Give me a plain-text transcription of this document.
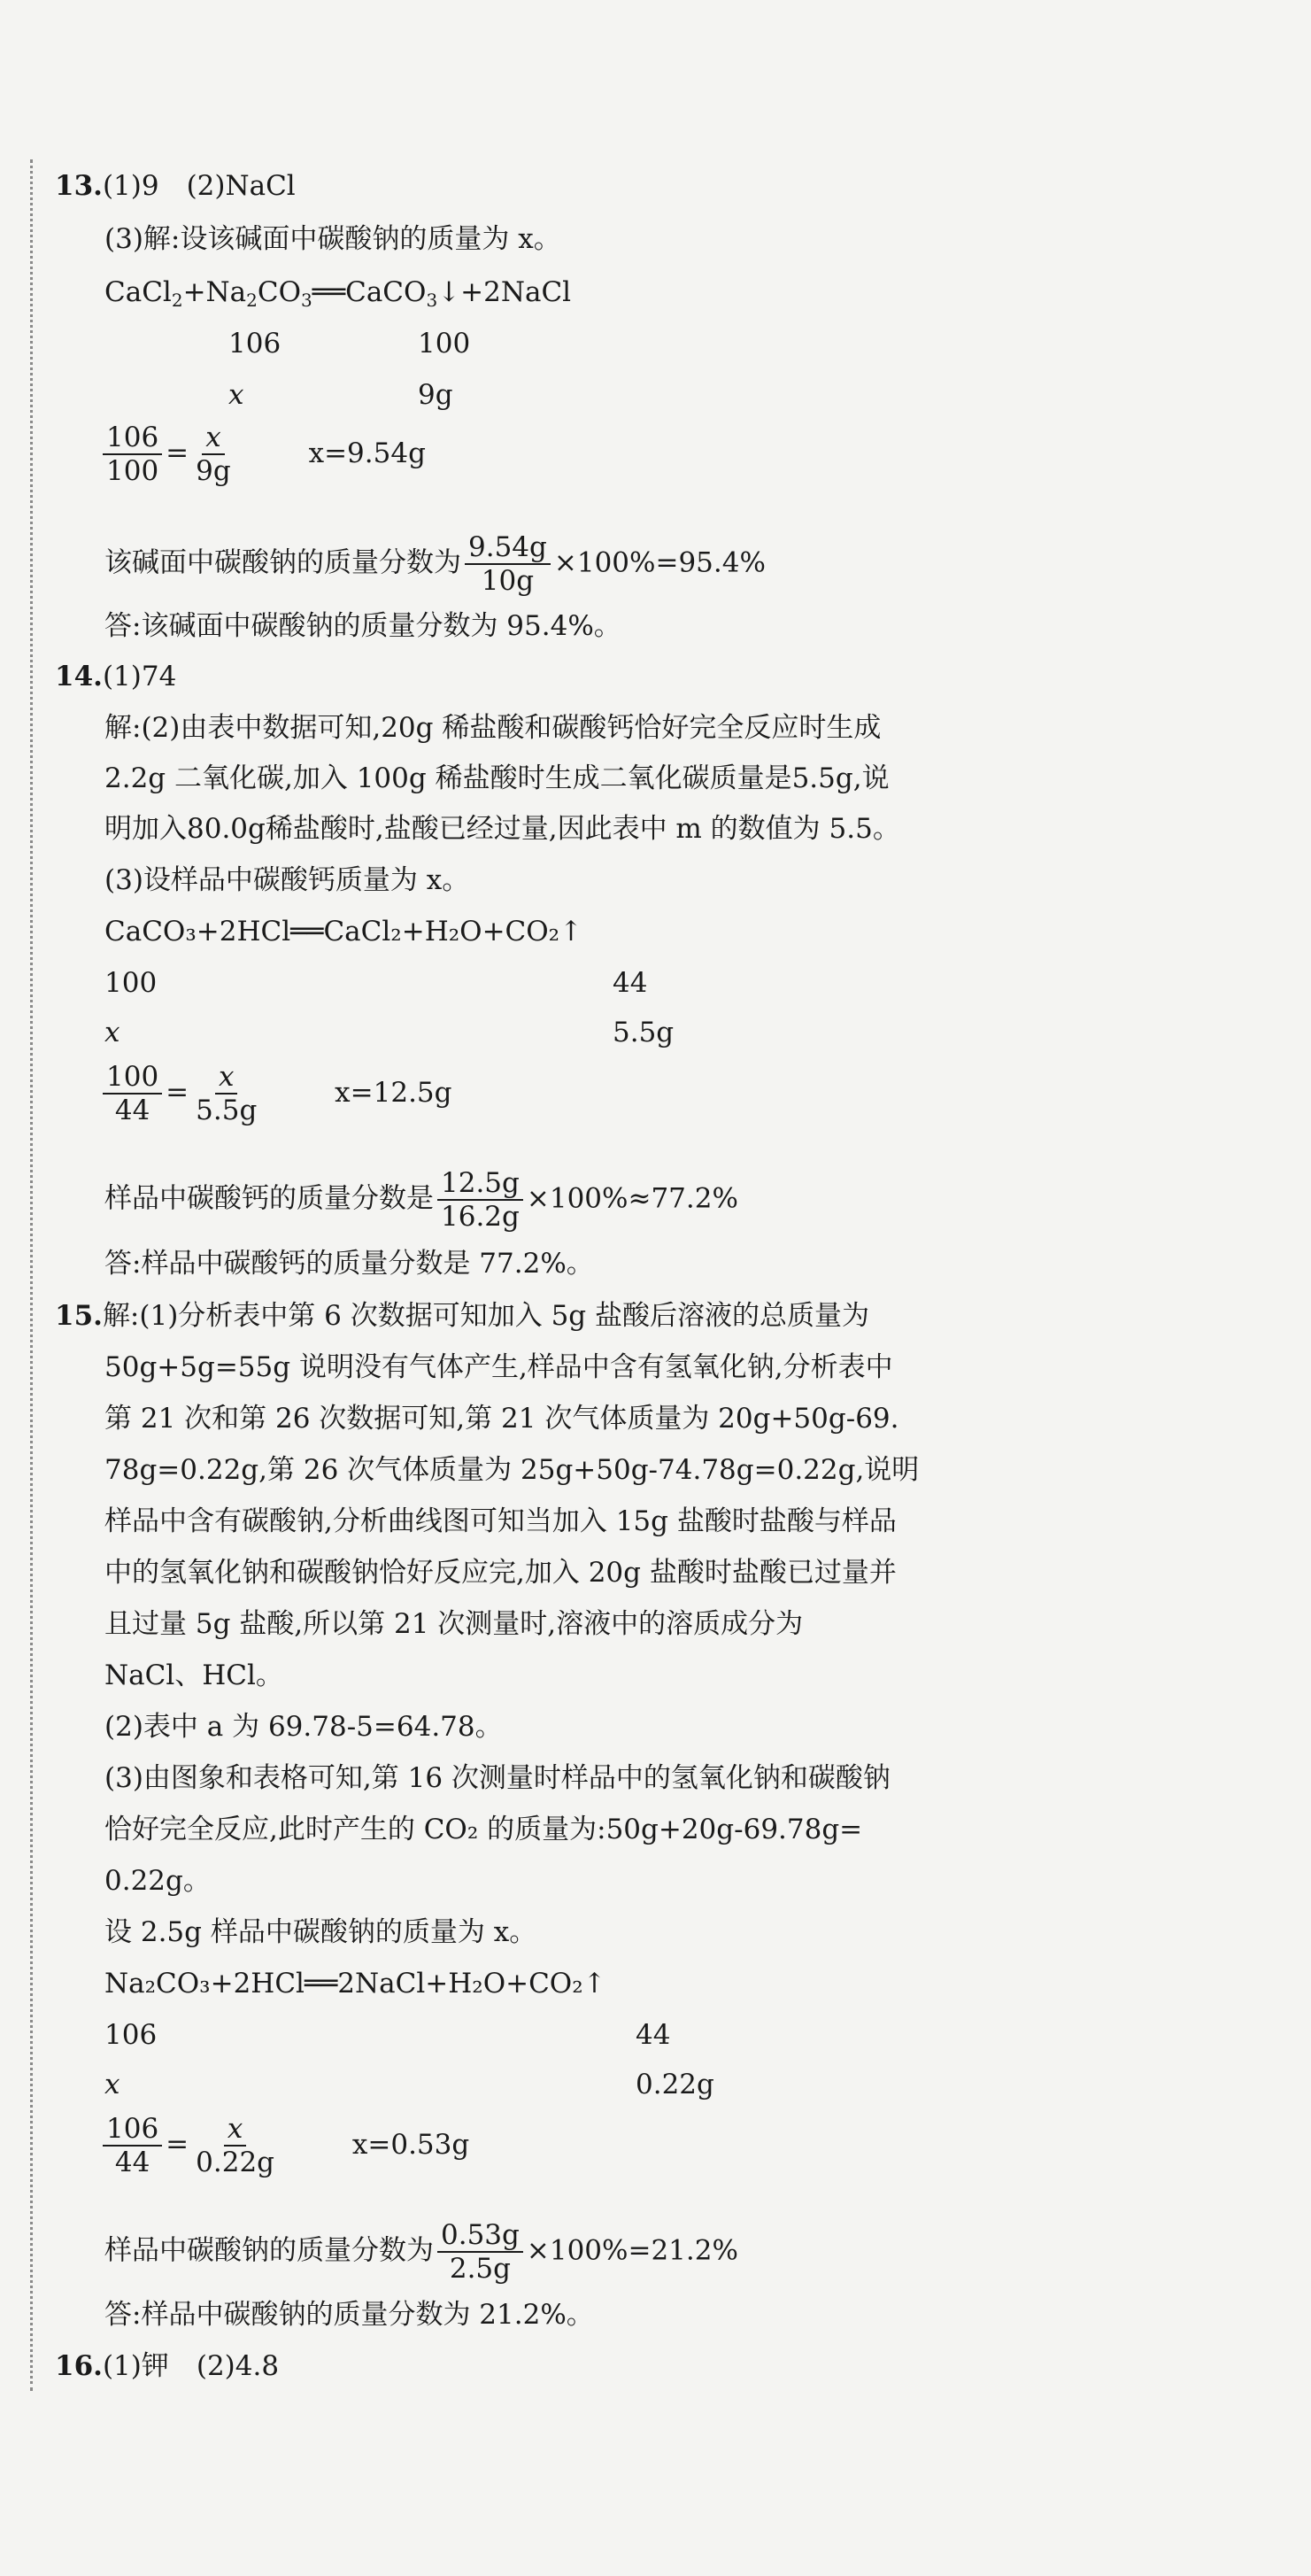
13.(1)9　(2)NaCl
(3)解:设该碱面中碳酸钠的质量为 x。
$CaCl_2+Na_2CO_3══CaCO_3↓+2NaCl$
106	100
x	9g
$\frac{106}{100} = \frac{x}{9g}$	x=9.54g
该碱面中碳酸钠的质量分数为 $\frac{9.54g}{10g} \times 100\%=95.4\%$
答:该碱面中碳酸钠的质量分数为 95.4%。
14.(1)74
解:(2)由表中数据可知,20g 稀盐酸和碳酸钙恰好完全反应时生成
2.2g 二氧化碳,加入 100g 稀盐酸时生成二氧化碳质量是5.5g,说
明加入80.0g稀盐酸时,盐酸已经过量,因此表中 m 的数值为 5.5。
(3)设样品中碳酸钙质量为 x。
CaCO₃+2HCl══CaCl₂+H₂O+CO₂↑
100	44
x	5.5g
$\frac{100}{44} = \frac{x}{5.5g}$	x=12.5g
样品中碳酸钙的质量分数是 $\frac{12.5g}{16.2g} \times 100\%\approx 77.2\%$
答:样品中碳酸钙的质量分数是 77.2%。
15.解:(1)分析表中第 6 次数据可知加入 5g 盐酸后溶液的总质量为
50g+5g=55g 说明没有气体产生,样品中含有氢氧化钠,分析表中
第 21 次和第 26 次数据可知,第 21 次气体质量为 20g+50g-69.
78g=0.22g,第 26 次气体质量为 25g+50g-74.78g=0.22g,说明
样品中含有碳酸钠,分析曲线图可知当加入 15g 盐酸时盐酸与样品
中的氢氧化钠和碳酸钠恰好反应完,加入 20g 盐酸时盐酸已过量并
且过量 5g 盐酸,所以第 21 次测量时,溶液中的溶质成分为
NaCl、HCl。
(2)表中 a 为 69.78-5=64.78。
(3)由图象和表格可知,第 16 次测量时样品中的氢氧化钠和碳酸钠
恰好完全反应,此时产生的 CO₂ 的质量为:50g+20g-69.78g=
0.22g。
设 2.5g 样品中碳酸钠的质量为 x。
Na₂CO₃+2HCl══2NaCl+H₂O+CO₂↑
106	44
x	0.22g
$\frac{106}{44} = \frac{x}{0.22g}$	x=0.53g
样品中碳酸钠的质量分数为 $\frac{0.53g}{2.5g} \times 100\%=21.2\%$
答:样品中碳酸钠的质量分数为 21.2%。
16.(1)钾　(2)4.8
